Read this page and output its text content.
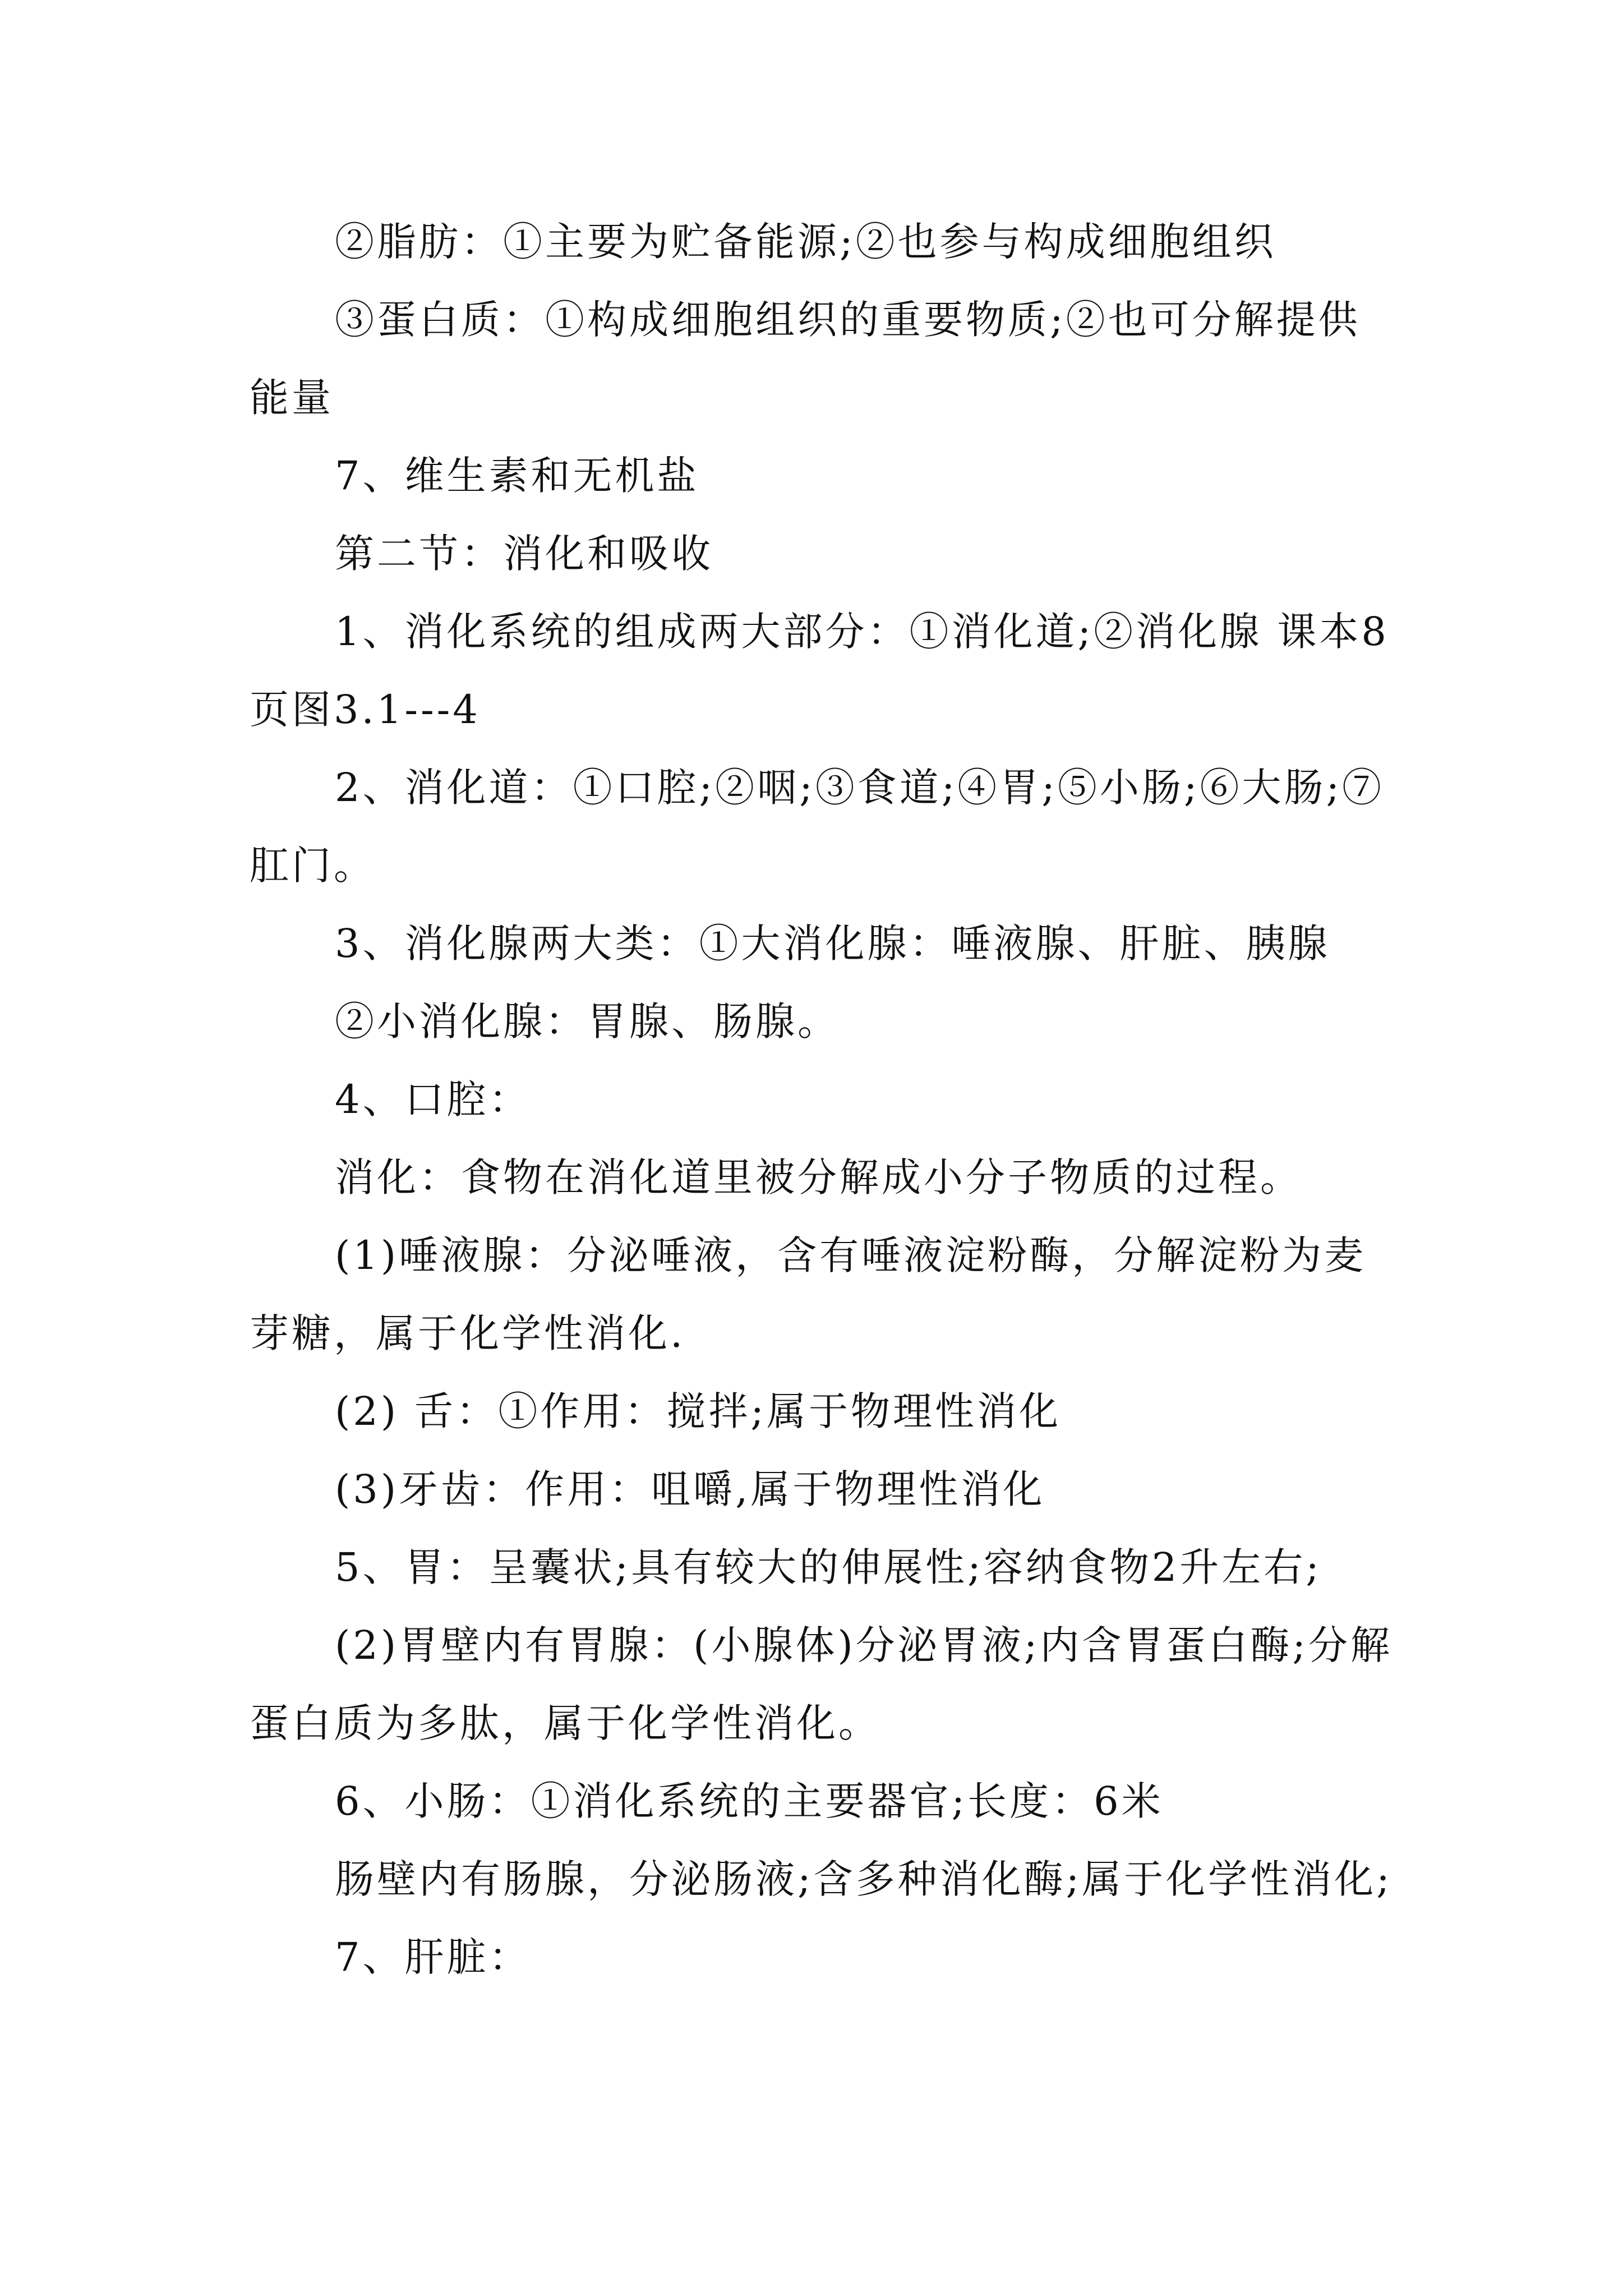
②脂肪：①主要为贮备能源;②也参与构成细胞组织

③蛋白质：①构成细胞组织的重要物质;②也可分解提供能量

7、维生素和无机盐

第二节：消化和吸收

1、消化系统的组成两大部分：①消化道;②消化腺 课本8页图3.1---4

2、消化道：①口腔;②咽;③食道;④胃;⑤小肠;⑥大肠;⑦肛门。

3、消化腺两大类：①大消化腺：唾液腺、肝脏、胰腺

②小消化腺：胃腺、肠腺。

4、口腔：

消化：食物在消化道里被分解成小分子物质的过程。

(1)唾液腺：分泌唾液，含有唾液淀粉酶，分解淀粉为麦芽糖，属于化学性消化.

(2) 舌：①作用：搅拌;属于物理性消化

(3)牙齿：作用：咀嚼,属于物理性消化

5、胃：呈囊状;具有较大的伸展性;容纳食物2升左右;

(2)胃壁内有胃腺：(小腺体)分泌胃液;内含胃蛋白酶;分解蛋白质为多肽，属于化学性消化。

6、小肠：①消化系统的主要器官;长度：6米

肠壁内有肠腺，分泌肠液;含多种消化酶;属于化学性消化;

7、肝脏：
